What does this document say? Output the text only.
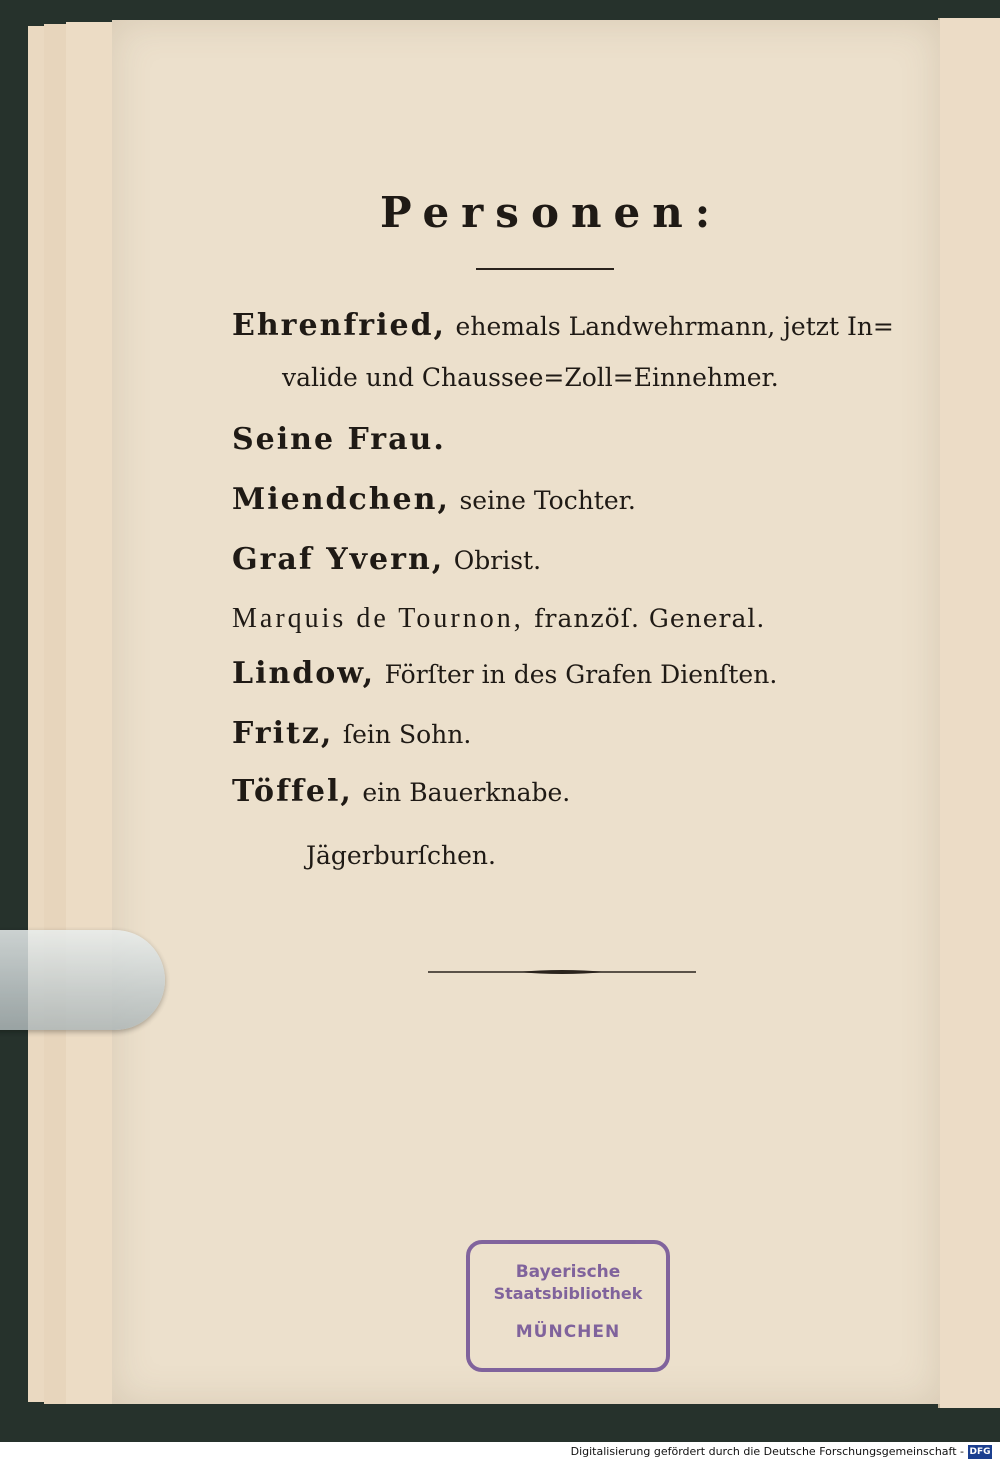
Personen:
Ehrenfried, ehemals Landwehrmann, jetzt In=
valide und Chaussee=Zoll=Einnehmer.
Seine Frau.
Miendchen, seine Tochter.
Graf Yvern, Obrist.
Marquis de Tournon, franzöſ. General.
Lindow, Förſter in des Grafen Dienſten.
Fritz, ſein Sohn.
Töffel, ein Bauerknabe.
Jägerburſchen.
Bayerische
Staatsbibliothek
MÜNCHEN
Digitalisierung gefördert durch die Deutsche Forschungsgemeinschaft - DFG
